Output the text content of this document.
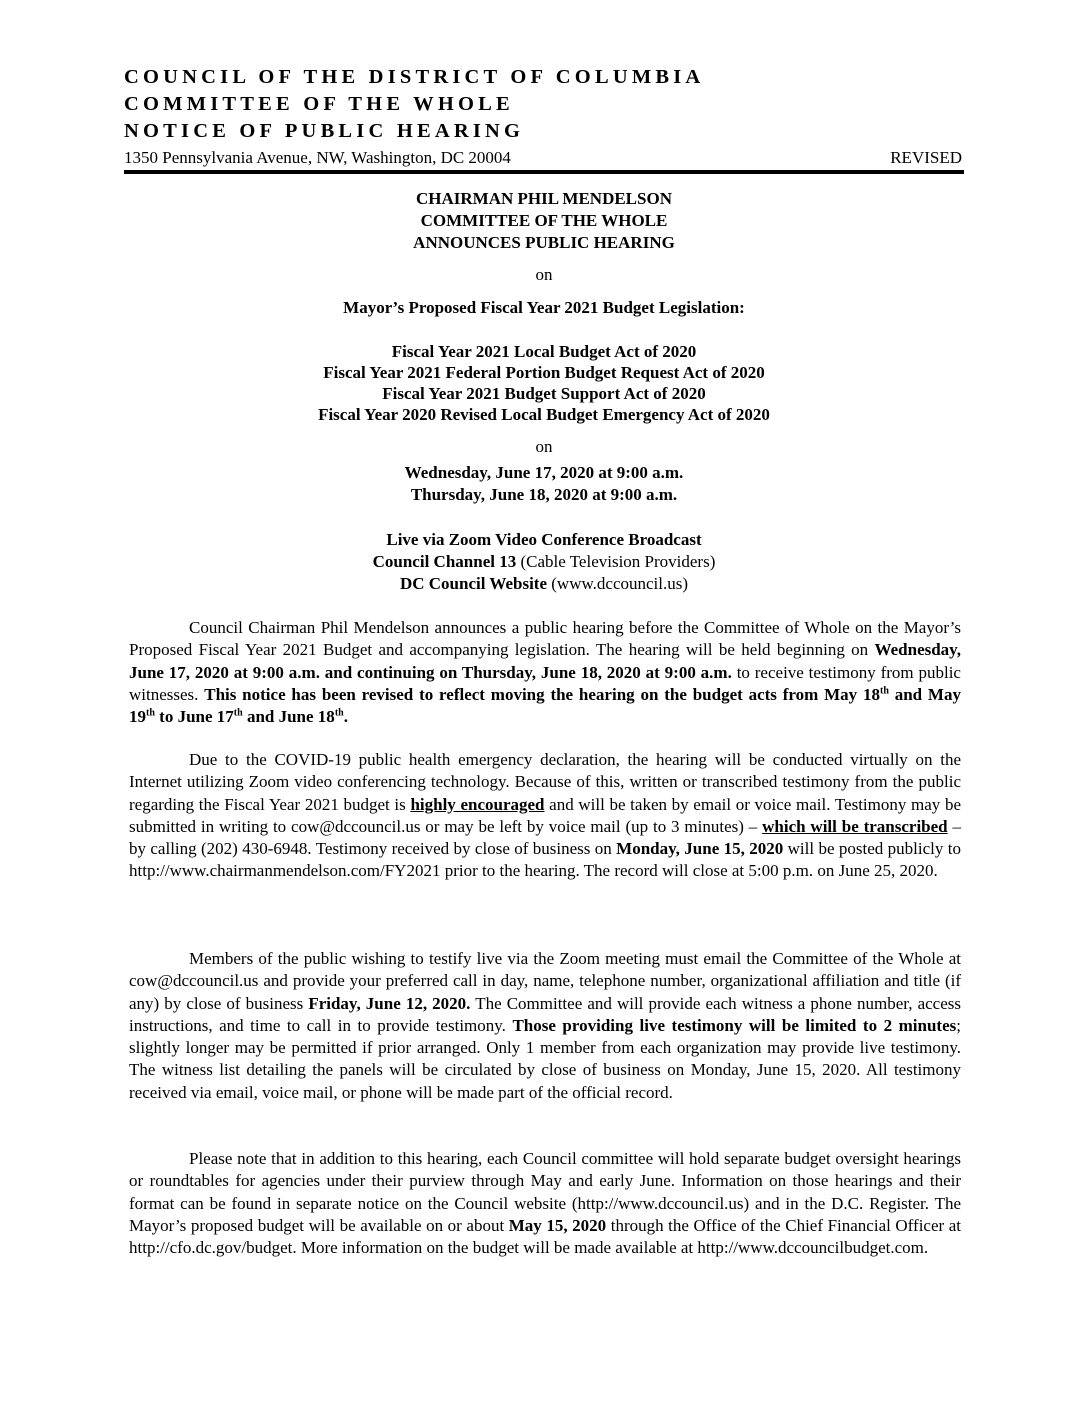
COUNCIL OF THE DISTRICT OF COLUMBIA
COMMITTEE OF THE WHOLE
NOTICE OF PUBLIC HEARING
1350 Pennsylvania Avenue, NW, Washington, DC 20004	REVISED
CHAIRMAN PHIL MENDELSON
COMMITTEE OF THE WHOLE
ANNOUNCES PUBLIC HEARING
on
Mayor’s Proposed Fiscal Year 2021 Budget Legislation:
Fiscal Year 2021 Local Budget Act of 2020
Fiscal Year 2021 Federal Portion Budget Request Act of 2020
Fiscal Year 2021 Budget Support Act of 2020
Fiscal Year 2020 Revised Local Budget Emergency Act of 2020
on
Wednesday, June 17, 2020 at 9:00 a.m.
Thursday, June 18, 2020 at 9:00 a.m.
Live via Zoom Video Conference Broadcast
Council Channel 13 (Cable Television Providers)
DC Council Website (www.dccouncil.us)
Council Chairman Phil Mendelson announces a public hearing before the Committee of Whole on the Mayor’s Proposed Fiscal Year 2021 Budget and accompanying legislation. The hearing will be held beginning on Wednesday, June 17, 2020 at 9:00 a.m. and continuing on Thursday, June 18, 2020 at 9:00 a.m. to receive testimony from public witnesses. This notice has been revised to reflect moving the hearing on the budget acts from May 18th and May 19th to June 17th and June 18th.
Due to the COVID-19 public health emergency declaration, the hearing will be conducted virtually on the Internet utilizing Zoom video conferencing technology. Because of this, written or transcribed testimony from the public regarding the Fiscal Year 2021 budget is highly encouraged and will be taken by email or voice mail. Testimony may be submitted in writing to cow@dccouncil.us or may be left by voice mail (up to 3 minutes) – which will be transcribed – by calling (202) 430-6948. Testimony received by close of business on Monday, June 15, 2020 will be posted publicly to http://www.chairmanmendelson.com/FY2021 prior to the hearing. The record will close at 5:00 p.m. on June 25, 2020.
Members of the public wishing to testify live via the Zoom meeting must email the Committee of the Whole at cow@dccouncil.us and provide your preferred call in day, name, telephone number, organizational affiliation and title (if any) by close of business Friday, June 12, 2020. The Committee and will provide each witness a phone number, access instructions, and time to call in to provide testimony. Those providing live testimony will be limited to 2 minutes; slightly longer may be permitted if prior arranged. Only 1 member from each organization may provide live testimony. The witness list detailing the panels will be circulated by close of business on Monday, June 15, 2020. All testimony received via email, voice mail, or phone will be made part of the official record.
Please note that in addition to this hearing, each Council committee will hold separate budget oversight hearings or roundtables for agencies under their purview through May and early June. Information on those hearings and their format can be found in separate notice on the Council website (http://www.dccouncil.us) and in the D.C. Register. The Mayor’s proposed budget will be available on or about May 15, 2020 through the Office of the Chief Financial Officer at http://cfo.dc.gov/budget. More information on the budget will be made available at http://www.dccouncilbudget.com.
